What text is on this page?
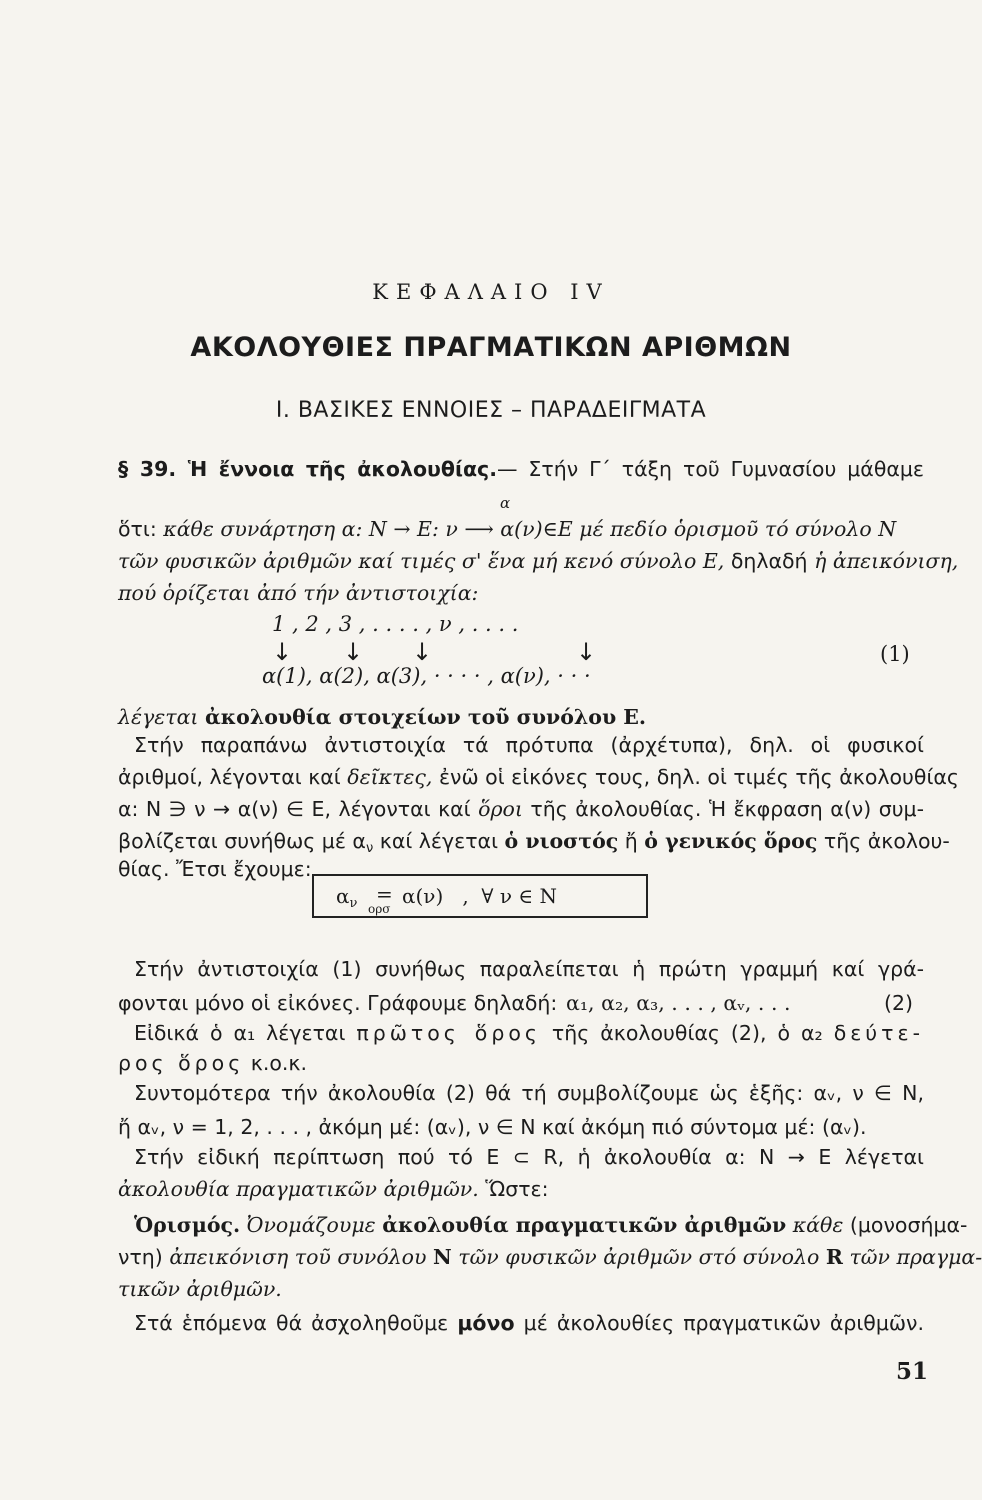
ΚΕΦΑΛΑΙΟ IV
ΑΚΟΛΟΥΘΙΕΣ ΠΡΑΓΜΑΤΙΚΩΝ ΑΡΙΘΜΩΝ
Ι. ΒΑΣΙΚΕΣ ΕΝΝΟΙΕΣ – ΠΑΡΑΔΕΙΓΜΑΤΑ
§ 39. Ἡ ἔννοια τῆς ἀκολουθίας.— Στήν Γ΄ τάξη τοῦ Γυμνασίου μάθαμε
α
ὅτι: κάθε συνάρτηση α: N → E: ν ⟶ α(ν)∈E μέ πεδίο ὁρισμοῦ τό σύνολο N
τῶν φυσικῶν ἀριθμῶν καί τιμές σ' ἕνα μή κενό σύνολο E, δηλαδή ἡ ἀπεικόνιση,
πού ὁρίζεται ἀπό τήν ἀντιστοιχία:
1 , 2 , 3 , . . . . , ν , . . . .
↓ ↓ ↓	↓
α(1), α(2), α(3), · · · · , α(ν), · · ·
(1)
λέγεται ἀκολουθία στοιχείων τοῦ συνόλου E.
Στήν παραπάνω ἀντιστοιχία τά πρότυπα (ἀρχέτυπα), δηλ. οἱ φυσικοί
ἀριθμοί, λέγονται καί δεῖκτες, ἐνῶ οἱ εἰκόνες τους, δηλ. οἱ τιμές τῆς ἀκολουθίας
α: N ∋ ν → α(ν) ∈ E, λέγονται καί ὅροι τῆς ἀκολουθίας. Ἡ ἔκφραση α(ν) συμ-
βολίζεται συνήθως μέ $\alpha_\nu$ καί λέγεται ὁ νιοστός ἤ ὁ γενικός ὅρος τῆς ἀκολου-
θίας. Ἔτσι ἔχουμε:
$\alpha_\nu$ =
ορσ
α(ν)   ,  ∀ ν ∈ N
Στήν ἀντιστοιχία (1) συνήθως παραλείπεται ἡ πρώτη γραμμή καί γρά-
φονται μόνο οἱ εἰκόνες. Γράφουμε δηλαδή: α₁, α₂, α₃, . . . , αᵥ, . . .	(2)
Εἰδικά ὁ α₁ λέγεται πρῶτος ὅρος τῆς ἀκολουθίας (2), ὁ α₂ δεύτε-
ρος ὅρος κ.ο.κ.
Συντομότερα τήν ἀκολουθία (2) θά τή συμβολίζουμε ὡς ἑξῆς: αᵥ, ν ∈ N,
ἤ αᵥ, ν = 1, 2, . . . , ἀκόμη μέ: (αᵥ), ν ∈ N καί ἀκόμη πιό σύντομα μέ: (αᵥ).
Στήν εἰδική περίπτωση πού τό E ⊂ R, ἡ ἀκολουθία α: N → E λέγεται
ἀκολουθία πραγματικῶν ἀριθμῶν. Ὥστε:
Ὁρισμός. Ὀνομάζουμε ἀκολουθία πραγματικῶν ἀριθμῶν κάθε (μονοσήμα-
ντη) ἀπεικόνιση τοῦ συνόλου N τῶν φυσικῶν ἀριθμῶν στό σύνολο R τῶν πραγμα-
τικῶν ἀριθμῶν.
Στά ἑπόμενα θά ἀσχοληθοῦμε μόνο μέ ἀκολουθίες πραγματικῶν ἀριθμῶν.
51
